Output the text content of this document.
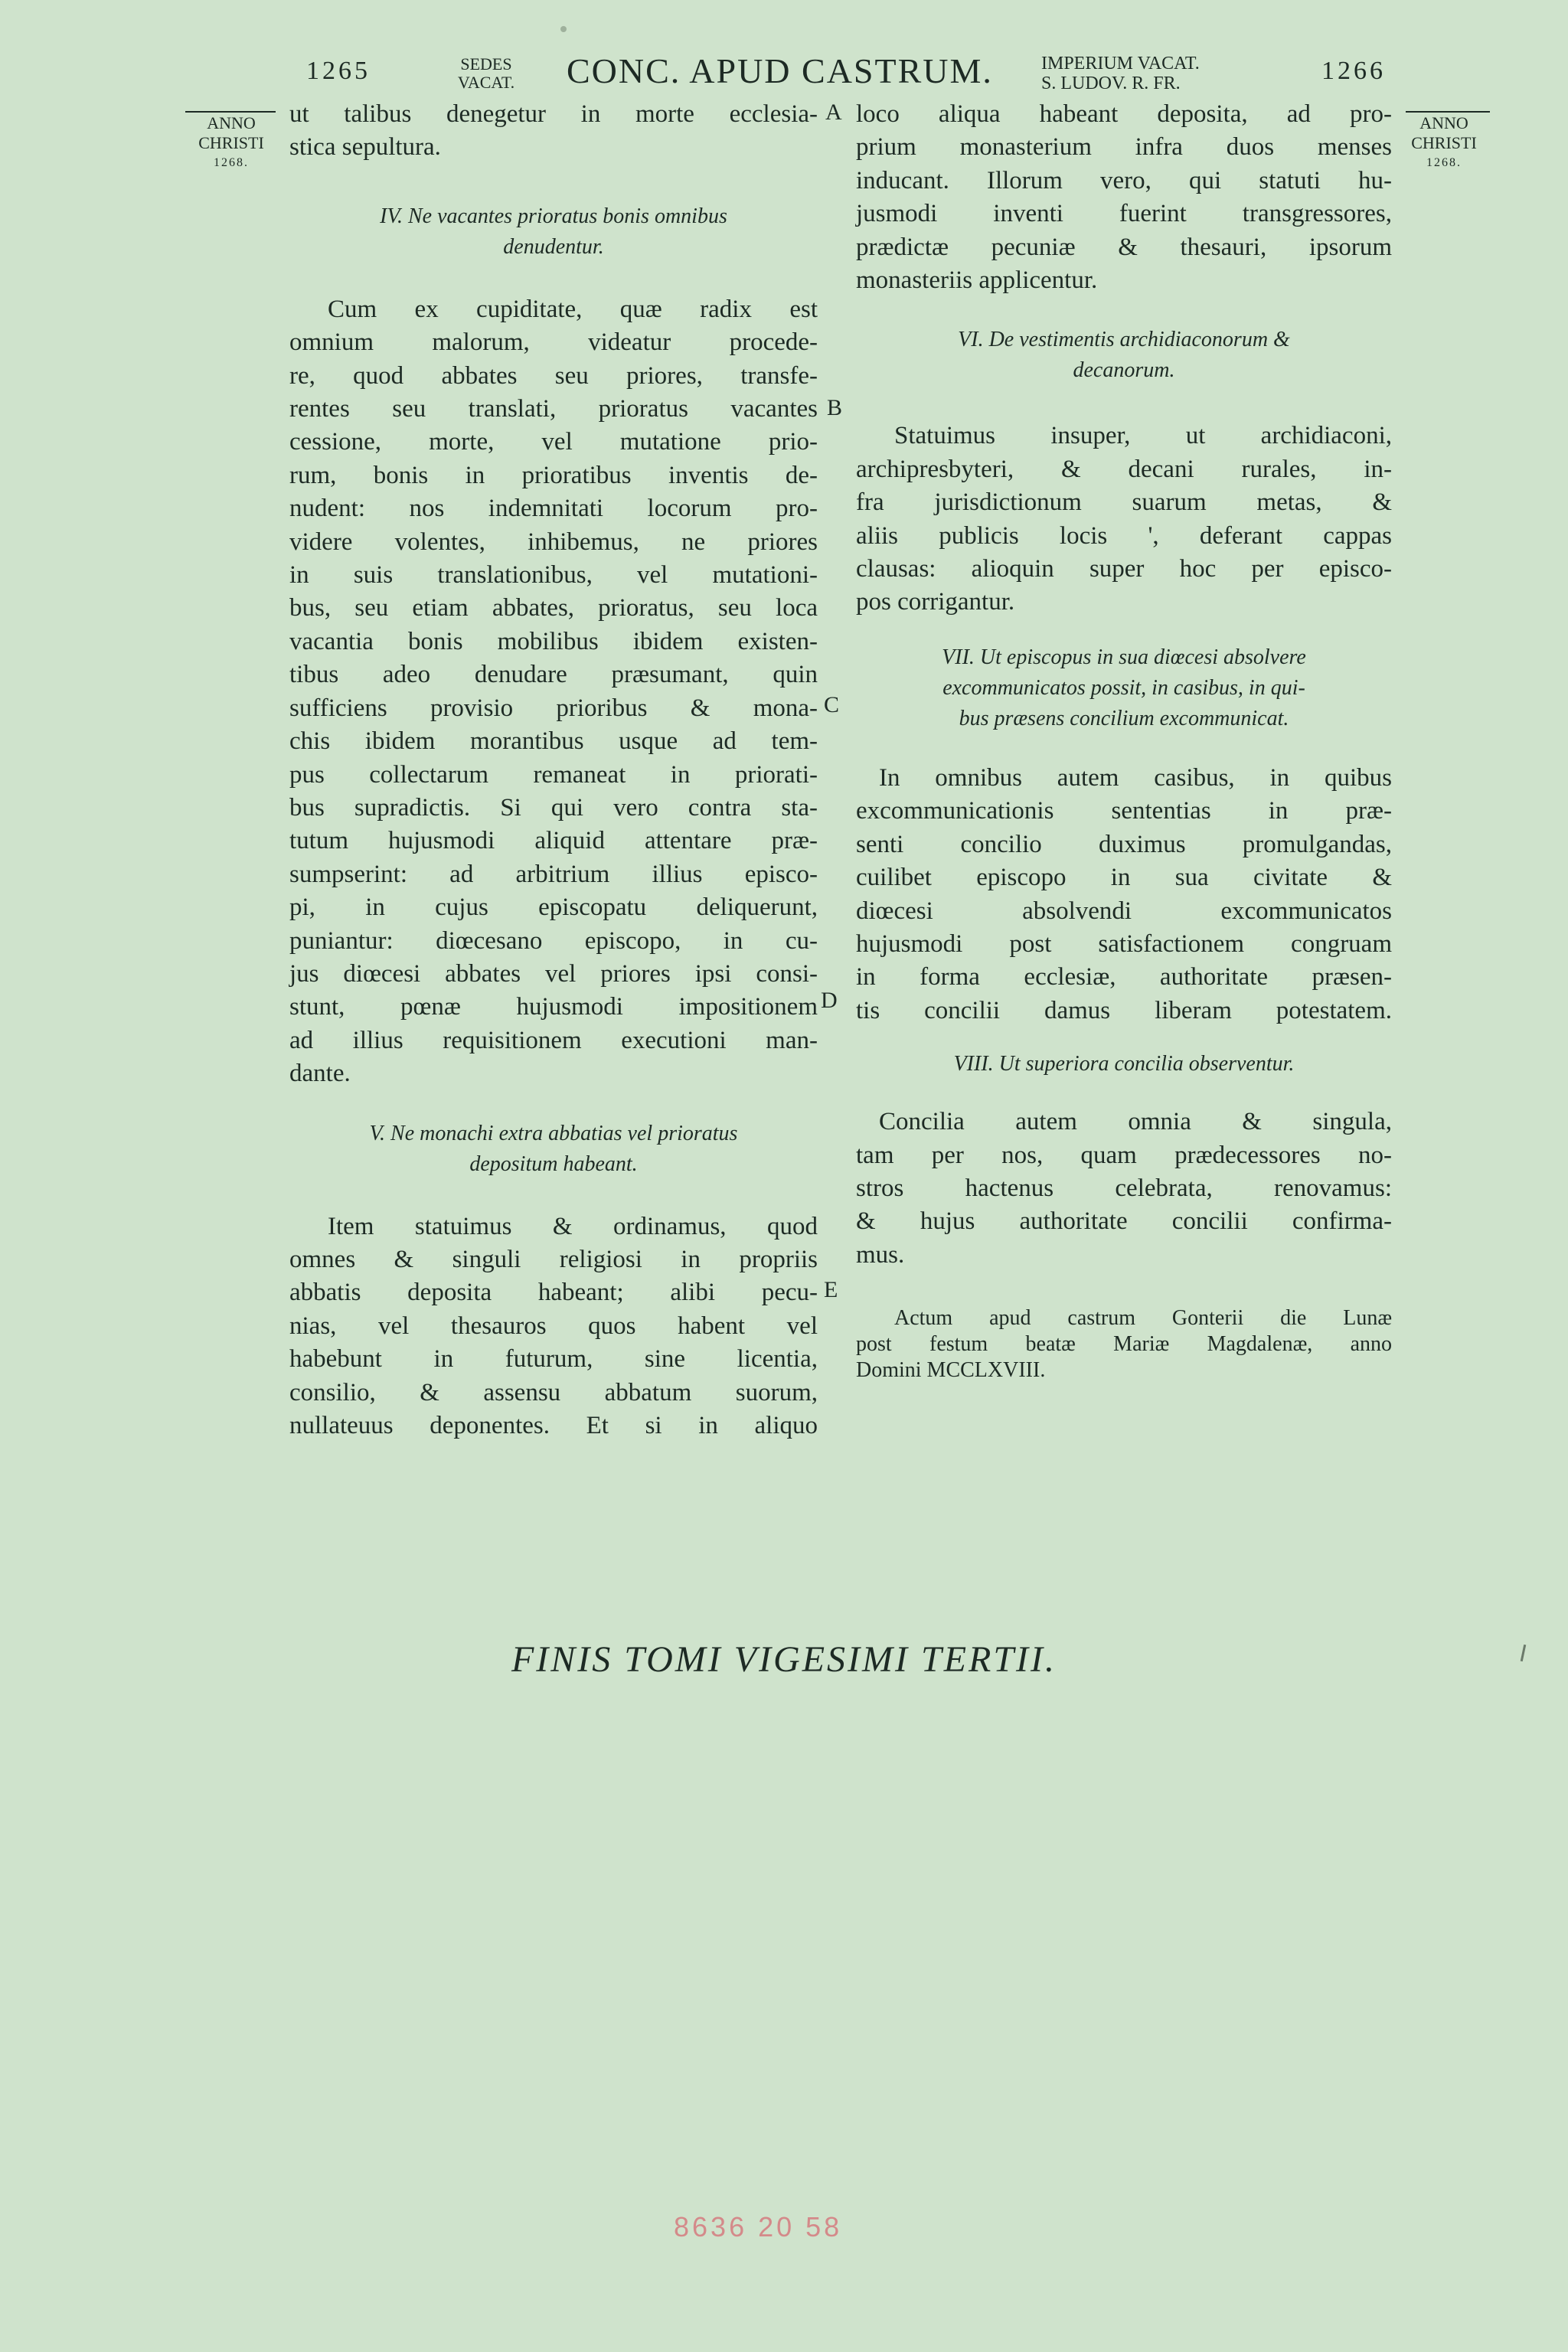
1265	SEDES
VACAT.	CONC. APUD CASTRUM.	IMPERIUM VACAT.
S. LUDOV. R. FR.	1266
ANNO
CHRISTI
1268.
ANNO
CHRISTI
1268.
A
B
C
D
E

ut talibus denegetur in morte ecclesia-
stica sepultura.

IV. Ne vacantes prioratus bonis omnibus
denudentur.

Cum ex cupiditate, quæ radix est
omnium malorum, videatur procede-
re, quod abbates seu priores, transfe-
rentes seu translati, prioratus vacantes
cessione, morte, vel mutatione prio-
rum, bonis in prioratibus inventis de-
nudent: nos indemnitati locorum pro-
videre volentes, inhibemus, ne priores
in suis translationibus, vel mutationi-
bus, seu etiam abbates, prioratus, seu loca
vacantia bonis mobilibus ibidem existen-
tibus adeo denudare præsumant, quin
sufficiens provisio prioribus & mona-
chis ibidem morantibus usque ad tem-
pus collectarum remaneat in priorati-
bus supradictis. Si qui vero contra sta-
tutum hujusmodi aliquid attentare præ-
sumpserint: ad arbitrium illius episco-
pi, in cujus episcopatu deliquerunt,
puniantur: diœcesano episcopo, in cu-
jus diœcesi abbates vel priores ipsi consi-
stunt, pœnæ hujusmodi impositionem
ad illius requisitionem executioni man-
dante.

V. Ne monachi extra abbatias vel prioratus
depositum habeant.

Item statuimus & ordinamus, quod
omnes & singuli religiosi in propriis
abbatis deposita habeant; alibi pecu-
nias, vel thesauros quos habent vel
habebunt in futurum, sine licentia,
consilio, & assensu abbatum suorum,
nullateuus deponentes. Et si in aliquo

loco aliqua habeant deposita, ad pro-
prium monasterium infra duos menses
inducant. Illorum vero, qui statuti hu-
jusmodi inventi fuerint transgressores,
prædictæ pecuniæ & thesauri, ipsorum
monasteriis applicentur.

VI. De vestimentis archidiaconorum &
decanorum.

Statuimus insuper, ut archidiaconi,
archipresbyteri, & decani rurales, in-
fra jurisdictionum suarum metas, &
aliis publicis locis ', deferant cappas
clausas: alioquin super hoc per episco-
pos corrigantur.

VII. Ut episcopus in sua diœcesi absolvere
excommunicatos possit, in casibus, in qui-
bus præsens concilium excommunicat.

In omnibus autem casibus, in quibus
excommunicationis sententias in præ-
senti concilio duximus promulgandas,
cuilibet episcopo in sua civitate &
diœcesi absolvendi excommunicatos
hujusmodi post satisfactionem congruam
in forma ecclesiæ, authoritate præsen-
tis concilii damus liberam potestatem.

VIII. Ut superiora concilia observentur.

Concilia autem omnia & singula,
tam per nos, quam prædecessores no-
stros hactenus celebrata, renovamus:
& hujus authoritate concilii confirma-
mus.

Actum apud castrum Gonterii die Lunæ
post festum beatæ Mariæ Magdalenæ, anno
Domini MCCLXVIII.

FINIS TOMI VIGESIMI TERTII.
8636 20 58
